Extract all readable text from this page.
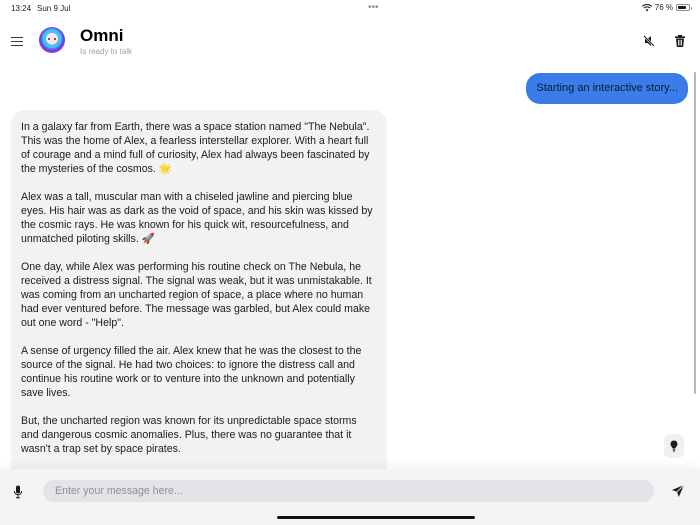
13:24 Sun 9 Jul	•••	76 %
Omni
Is ready to talk
Starting an interactive story...

In a galaxy far from Earth, there was a space station named "The Nebula". This was the home of Alex, a fearless interstellar explorer. With a heart full of courage and a mind full of curiosity, Alex had always been fascinated by the mysteries of the cosmos. 🌟

Alex was a tall, muscular man with a chiseled jawline and piercing blue eyes. His hair was as dark as the void of space, and his skin was kissed by the cosmic rays. He was known for his quick wit, resourcefulness, and unmatched piloting skills. 🚀

One day, while Alex was performing his routine check on The Nebula, he received a distress signal. The signal was weak, but it was unmistakable. It was coming from an uncharted region of space, a place where no human had ever ventured before. The message was garbled, but Alex could make out one word - "Help".

A sense of urgency filled the air. Alex knew that he was the closest to the source of the signal. He had two choices: to ignore the distress call and continue his routine work or to venture into the unknown and potentially save lives.

But, the uncharted region was known for its unpredictable space storms and dangerous cosmic anomalies. Plus, there was no guarantee that it wasn't a trap set by space pirates.

Enter your message here...
